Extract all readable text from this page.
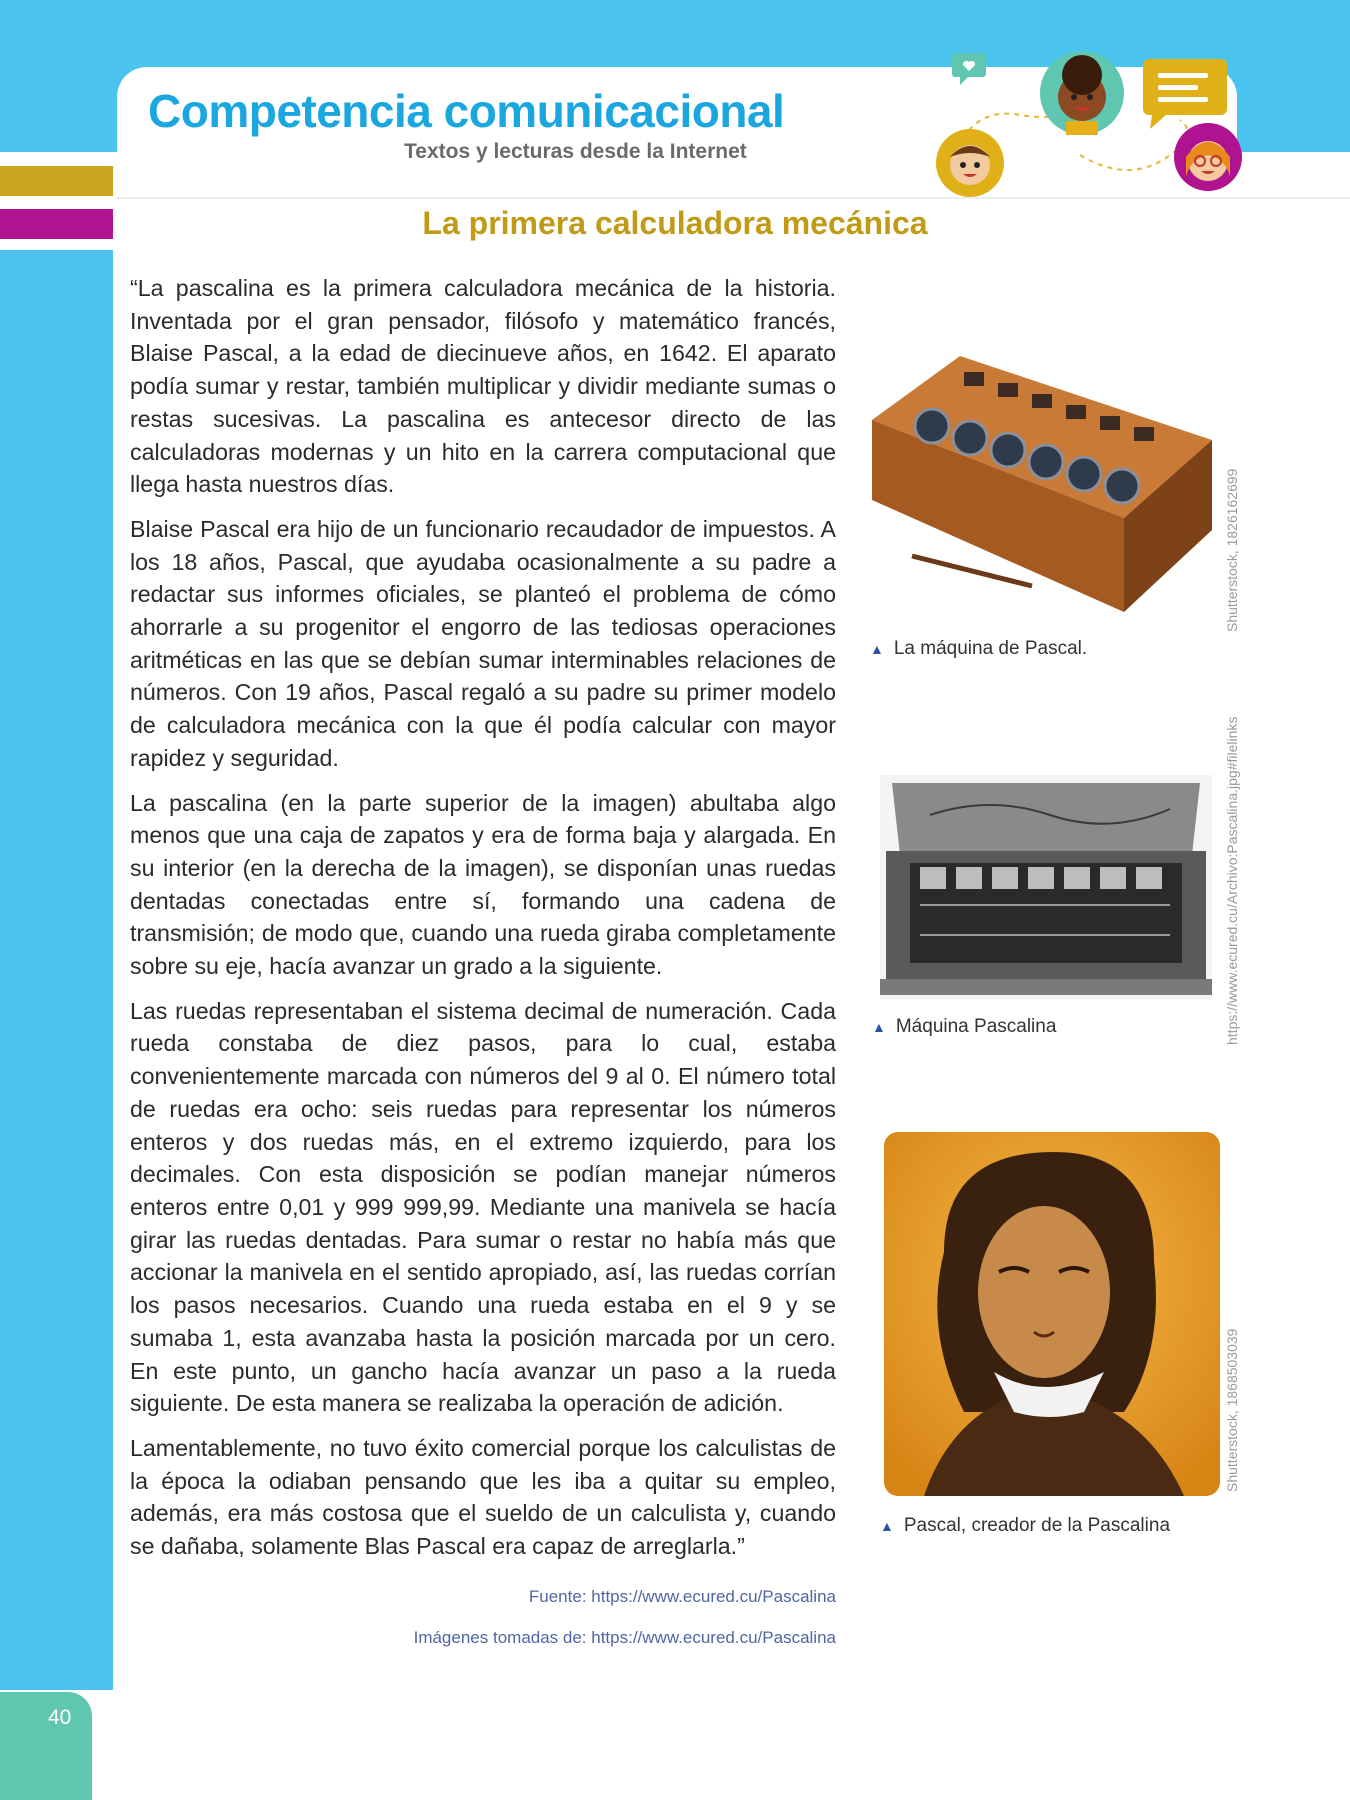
Competencia comunicacional
Textos y lecturas desde la Internet
La primera calculadora mecánica

“La pascalina es la primera calculadora mecánica de la historia. Inventada por el gran pensador, filósofo y matemático francés, Blaise Pascal, a la edad de diecinueve años, en 1642. El aparato podía sumar y restar, también multiplicar y dividir mediante sumas o restas sucesivas. La pascalina es antecesor directo de las calculadoras modernas y un hito en la carrera computacional que llega hasta nuestros días.

Blaise Pascal era hijo de un funcionario recaudador de impuestos. A los 18 años, Pascal, que ayudaba ocasionalmente a su padre a redactar sus informes oficiales, se planteó el problema de cómo ahorrarle a su progenitor el engorro de las tediosas operaciones aritméticas en las que se debían sumar interminables relaciones de números. Con 19 años, Pascal regaló a su padre su primer modelo de calculadora mecánica con la que él podía calcular con mayor rapidez y seguridad.

La pascalina (en la parte superior de la imagen) abultaba algo menos que una caja de zapatos y era de forma baja y alargada. En su interior (en la derecha de la imagen), se disponían unas ruedas dentadas conectadas entre sí, formando una cadena de transmisión; de modo que, cuando una rueda giraba completamente sobre su eje, hacía avanzar un grado a la siguiente.

Las ruedas representaban el sistema decimal de numeración. Cada rueda constaba de diez pasos, para lo cual, estaba convenientemente marcada con números del 9 al 0. El número total de ruedas era ocho: seis ruedas para representar los números enteros y dos ruedas más, en el extremo izquierdo, para los decimales. Con esta disposición se podían manejar números enteros entre 0,01 y 999 999,99. Mediante una manivela se hacía girar las ruedas dentadas. Para sumar o restar no había más que accionar la manivela en el sentido apropiado, así, las ruedas corrían los pasos necesarios. Cuando una rueda estaba en el 9 y se sumaba 1, esta avanzaba hasta la posición marcada por un cero. En este punto, un gancho hacía avanzar un paso a la rueda siguiente. De esta manera se realizaba la operación de adición.

Lamentablemente, no tuvo éxito comercial porque los calculistas de la época la odiaban pensando que les iba a quitar su empleo, además, era más costosa que el sueldo de un calculista y, cuando se dañaba, solamente Blas Pascal era capaz de arreglarla.”

Fuente: https://www.ecured.cu/Pascalina
Imágenes tomadas de: https://www.ecured.cu/Pascalina
▲ La máquina de Pascal.
Shutterstock, 1826162699
▲ Máquina Pascalina	https://www.ecured.cu/Archivo:Pascalina.jpg#filelinks
▲ Pascal, creador de la Pascalina
Shutterstock, 1868503039
40
